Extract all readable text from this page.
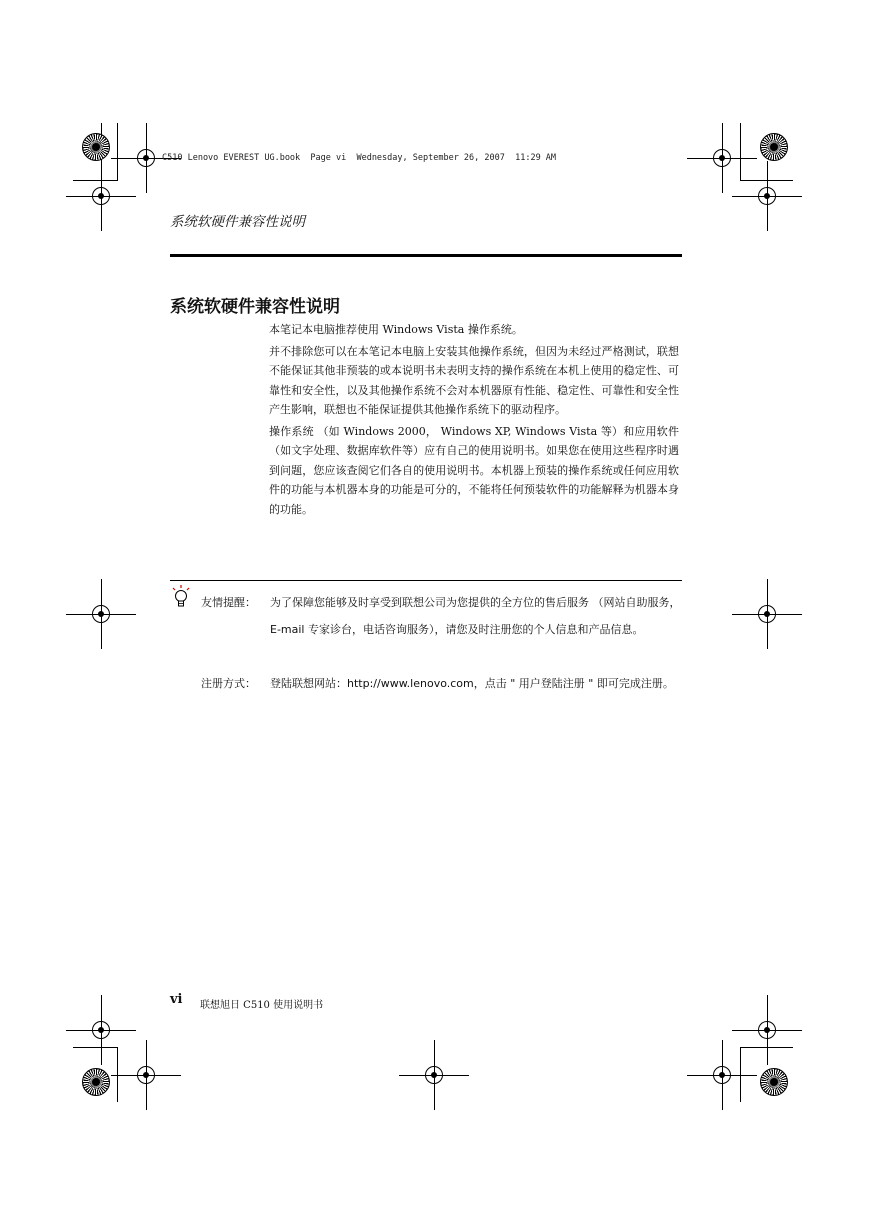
C510 Lenovo EVEREST UG.book  Page vi  Wednesday, September 26, 2007  11:29 AM
系统软硬件兼容性说明
系统软硬件兼容性说明

本笔记本电脑推荐使用 Windows Vista 操作系统。

并不排除您可以在本笔记本电脑上安装其他操作系统，但因为未经过严格测试，联想不能保证其他非预装的或本说明书未表明支持的操作系统在本机上使用的稳定性、可靠性和安全性，以及其他操作系统不会对本机器原有性能、稳定性、可靠性和安全性产生影响，联想也不能保证提供其他操作系统下的驱动程序。

操作系统 （如 Windows 2000， Windows XP, Windows Vista 等）和应用软件（如文字处理、数据库软件等）应有自己的使用说明书。如果您在使用这些程序时遇到问题，您应该查阅它们各自的使用说明书。本机器上预装的操作系统或任何应用软件的功能与本机器本身的功能是可分的，不能将任何预装软件的功能解释为机器本身的功能。

友情提醒： 为了保障您能够及时享受到联想公司为您提供的全方位的售后服务 （网站自助服务， E-mail 专家诊台，电话咨询服务），请您及时注册您的个人信息和产品信息。
注册方式： 登陆联想网站：http://www.lenovo.com，点击 " 用户登陆注册 " 即可完成注册。
vi 联想旭日 C510 使用说明书
